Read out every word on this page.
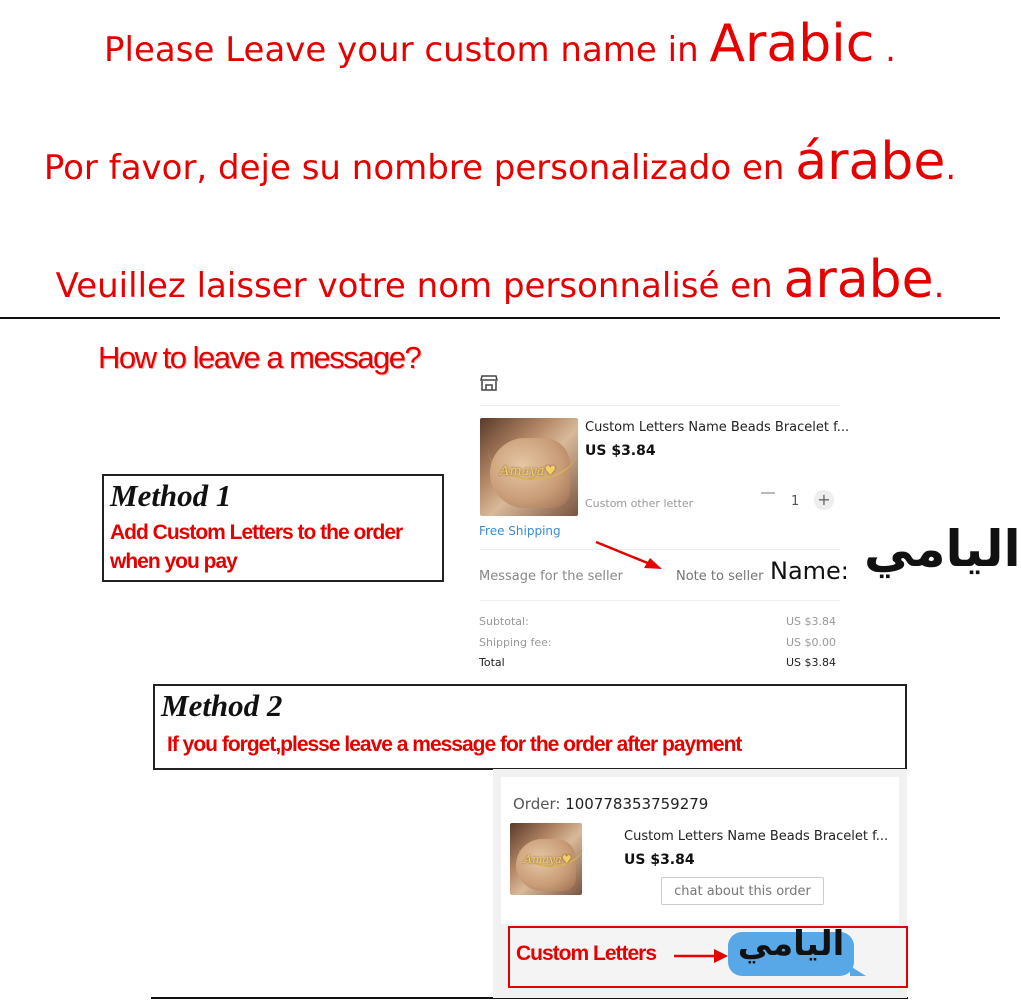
Please Leave your custom name in Arabic .
Por favor, deje su nombre personalizado en árabe.
Veuillez laisser votre nom personnalisé en arabe.
How to leave a message?
Amaya♥
Custom Letters Name Beads Bracelet f...
US $3.84
Custom other letter	1 +
Free Shipping
Message for the seller
Note to seller
Subtotal:	US $3.84
Shipping fee:	US $0.00
Total	US $3.84
Name: اليامي
Method 1
Add Custom Letters to the order when you pay
Method 2
If you forget,plesse leave a message for the order after payment
Order: 100778353759279
Amaya♥
Custom Letters Name Beads Bracelet f...
US $3.84
chat about this order
Custom Letters اليامي
